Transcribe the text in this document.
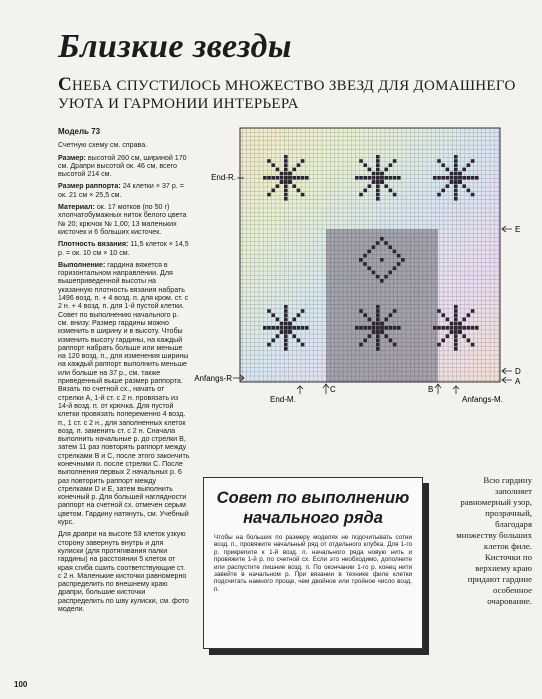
Близкие звезды
СНЕБА СПУСТИЛОСЬ МНОЖЕСТВО ЗВЕЗД ДЛЯ ДОМАШНЕГО УЮТА И ГАРМОНИИ ИНТЕРЬЕРА

Модель 73

Счетную схему см. справа.

Размер: высотой 260 см, шириной 170 см. Драпри высотой ок. 46 см, всего высотой 214 см.

Размер раппорта: 24 клетки × 37 р. = ок. 21 см × 25,5 см.

Материал: ок. 17 мотков (по 50 г) хлопчатобумажных ниток белого цвета № 20; крючок № 1,00; 13 маленьких кисточек и 6 больших кисточек.

Плотность вязания: 11,5 клеток × 14,5 р. = ок. 10 см × 10 см.

Выполнение: гардина вяжется в горизонтальном направлении. Для вышеприведенной высоты на указанную плотность вязания набрать 1496 возд. п. + 4 возд. п. для кром. ст. с 2 н. + 4 возд. п. для 1-й пустой клетки. Совет по выполнению начального р. см. внизу. Размер гардины можно изменить в ширину и в высоту. Чтобы изменить высоту гардины, на каждый раппорт набрать больше или меньше на 120 возд. п., для изменения ширины на каждый раппорт выполнить меньше или больше на 37 р., см. также приведенный выше размер раппорта. Вязать по счетной сх., начать от стрелки A, 1-й ст. с 2 н. провязать из 14-й возд. п. от крючка. Для пустой клетки провязать попеременно 4 возд. п., 1 ст. с 2 н., для заполненных клеток возд. п. заменить ст. с 2 н. Сначала выполнить начальные р. до стрелки B, затем 11 раз повторять раппорт между стрелками B и C, после этого закончить конечными п. после стрелки C. После выполнения первых 2 начальных р. 6 раз повторить раппорт между стрелками D и E, затем выполнить конечный р. Для большей наглядности раппорт на счетной сх. отмечен серым цветом. Гардину натянуть, см. Учебный курс.

Для драпри на высоте 53 клеток узкую сторону завернуть внутрь и для кулиски (для протягивания палки гардины) на расстоянии 5 клеток от края сгиба сшить соответствующие ст. с 2 н. Маленькие кисточки равномерно распределить по внешнему краю драпри, большие кисточки распределить по шву кулиски, см. фото модели.

End-R.
Anfangs-R
E
D
A
C	B
End-M.	Anfangs-M.
Совет по выполнению начального ряда

Чтобы на больших по размеру моделях не подсчитывать сотни возд. п., провяжите начальный ряд от отдельного клубка. Для 1-го р. прикрепите к 1-й возд. п. начального ряда новую нить и провяжите 1-й р. по счетной сх. Если это необходимо, дополните или распустите лишние возд. п. По окончании 1-го р. конец нити завейте в начальном р. При вязании в технике филе клетки подсчитать намного проще, чем двойное или тройное число возд. п.

Всю гардину заполняет равномерный узор, прозрачный, благодаря множеству больших клеток филе. Кисточки по верхнему краю придают гардине особенное очарование.
100
